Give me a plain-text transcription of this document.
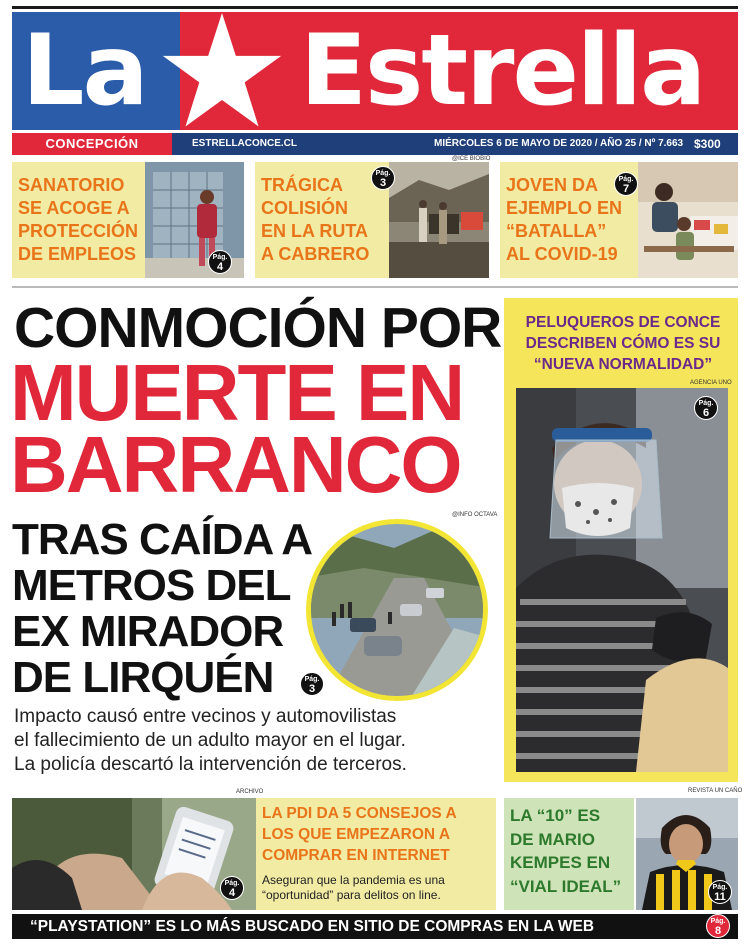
La Estrella
CONCEPCIÓN	ESTRELLACONCE.CL	MIÉRCOLES 6 DE MAYO DE 2020 / AÑO 25 / Nº 7.663 $300
SANATORIO
SE ACOGE A
PROTECCIÓN
DE EMPLEOS	Pág.
4
TRÁGICA
COLISIÓN
EN LA RUTA
A CABRERO
Pág.
3
@ICE BIOBIO
JOVEN DA
EJEMPLO EN
“BATALLA”
AL COVID-19
Pág.
7
CONMOCIÓN POR
MUERTE EN
BARRANCO
TRAS CAÍDA A
METROS DEL
EX MIRADOR
DE LIRQUÉN
@INFO OCTAVA
Pág.
3
Impacto causó entre vecinos y automovilistas
el fallecimiento de un adulto mayor en el lugar.
La policía descartó la intervención de terceros.
PELUQUEROS DE CONCE
DESCRIBEN CÓMO ES SU
“NUEVA NORMALIDAD”
AGENCIA UNO
Pág.
6
ARCHIVO
Pág.
4
LA PDI DA 5 CONSEJOS A
LOS QUE EMPEZARON A
COMPRAR EN INTERNET
Aseguran que la pandemia es una
“oportunidad” para delitos on line.
LA “10” ES
DE MARIO
KEMPES EN
“VIAL IDEAL”
REVISTA UN CAÑO
Pág.
11
“PLAYSTATION” ES LO MÁS BUSCADO EN SITIO DE COMPRAS EN LA WEB	Pág.
8
